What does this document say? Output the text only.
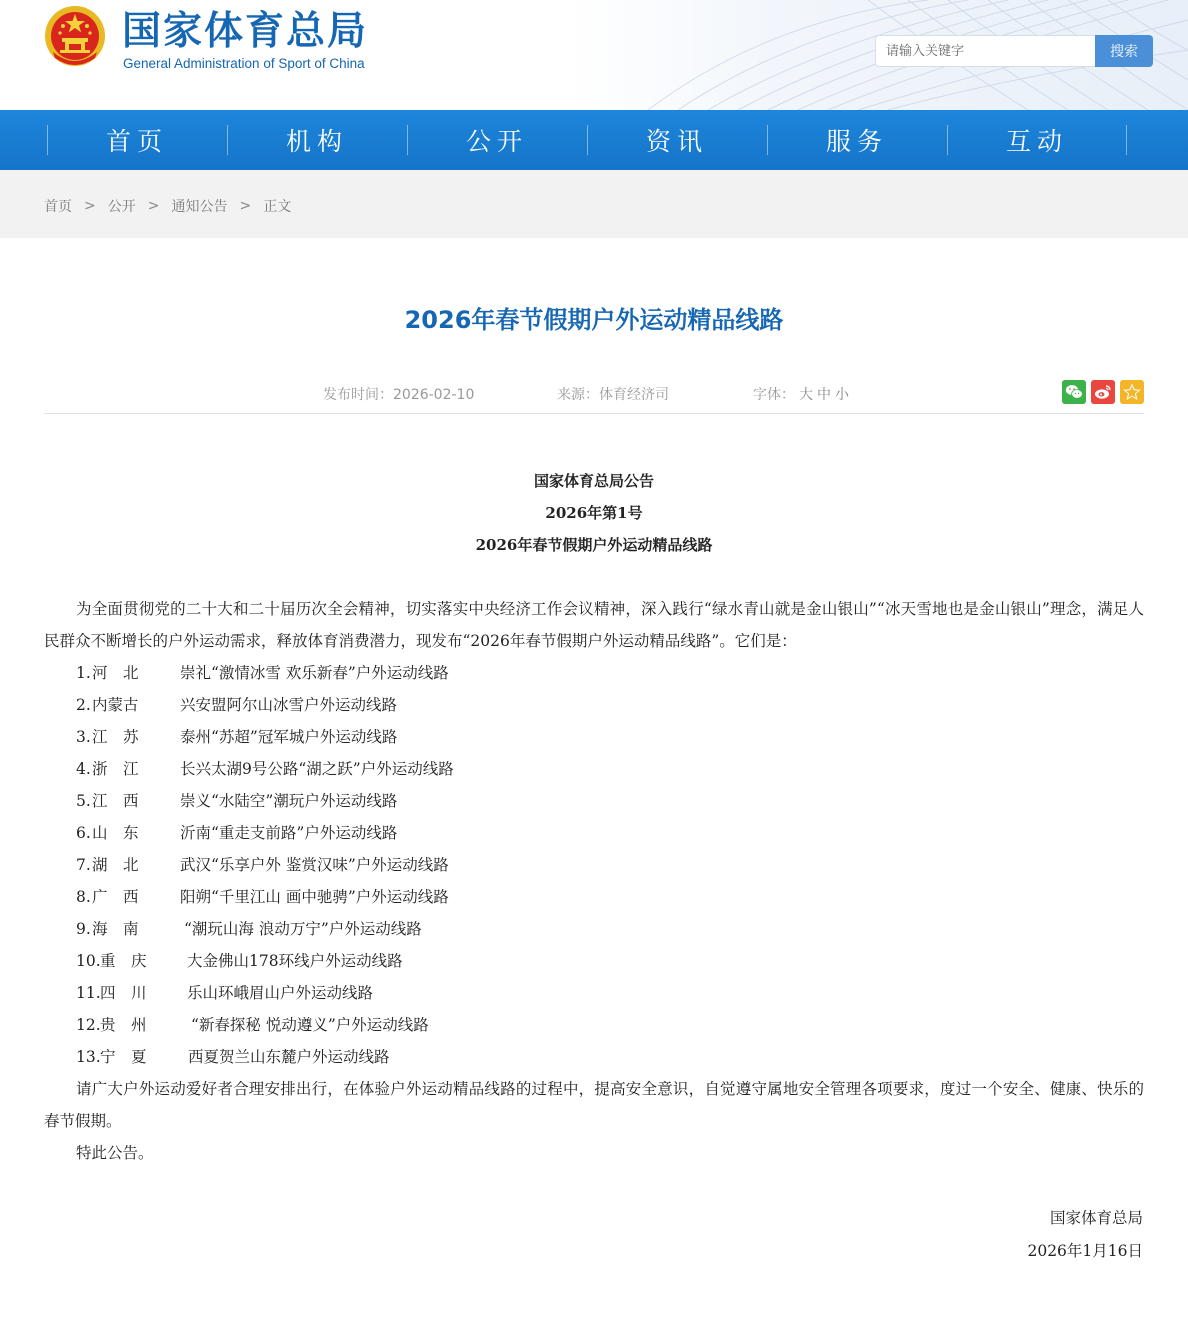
国家体育总局
General Administration of Sport of China
请输入关键字
搜索
首页	机构	公开	资讯	服务	互动
首页 > 公开 > 通知公告 > 正文
2026年春节假期户外运动精品线路
发布时间：2026-02-10	来源：体育经济司	字体： 大 中 小
国家体育总局公告
2026年第1号
2026年春节假期户外运动精品线路

为全面贯彻党的二十大和二十届历次全会精神，切实落实中央经济工作会议精神，深入践行“绿水青山就是金山银山”“冰天雪地也是金山银山”理念，满足人民群众不断增长的户外运动需求，释放体育消费潜力，现发布“2026年春节假期户外运动精品线路”。它们是：

1. 河　北	崇礼“激情冰雪 欢乐新春”户外运动线路
2. 内蒙古	兴安盟阿尔山冰雪户外运动线路
3. 江　苏	泰州“苏超”冠军城户外运动线路
4. 浙　江	长兴太湖9号公路“湖之跃”户外运动线路
5. 江　西	崇义“水陆空”潮玩户外运动线路
6. 山　东	沂南“重走支前路”户外运动线路
7. 湖　北	武汉“乐享户外 鉴赏汉味”户外运动线路
8. 广　西	阳朔“千里江山 画中驰骋”户外运动线路
9. 海　南	“潮玩山海 浪动万宁”户外运动线路
10. 重　庆	大金佛山178环线户外运动线路
11. 四　川	乐山环峨眉山户外运动线路
12. 贵　州	“新春探秘 悦动遵义”户外运动线路
13. 宁　夏	西夏贺兰山东麓户外运动线路

请广大户外运动爱好者合理安排出行，在体验户外运动精品线路的过程中，提高安全意识，自觉遵守属地安全管理各项要求，度过一个安全、健康、快乐的春节假期。

特此公告。

国家体育总局
2026年1月16日
